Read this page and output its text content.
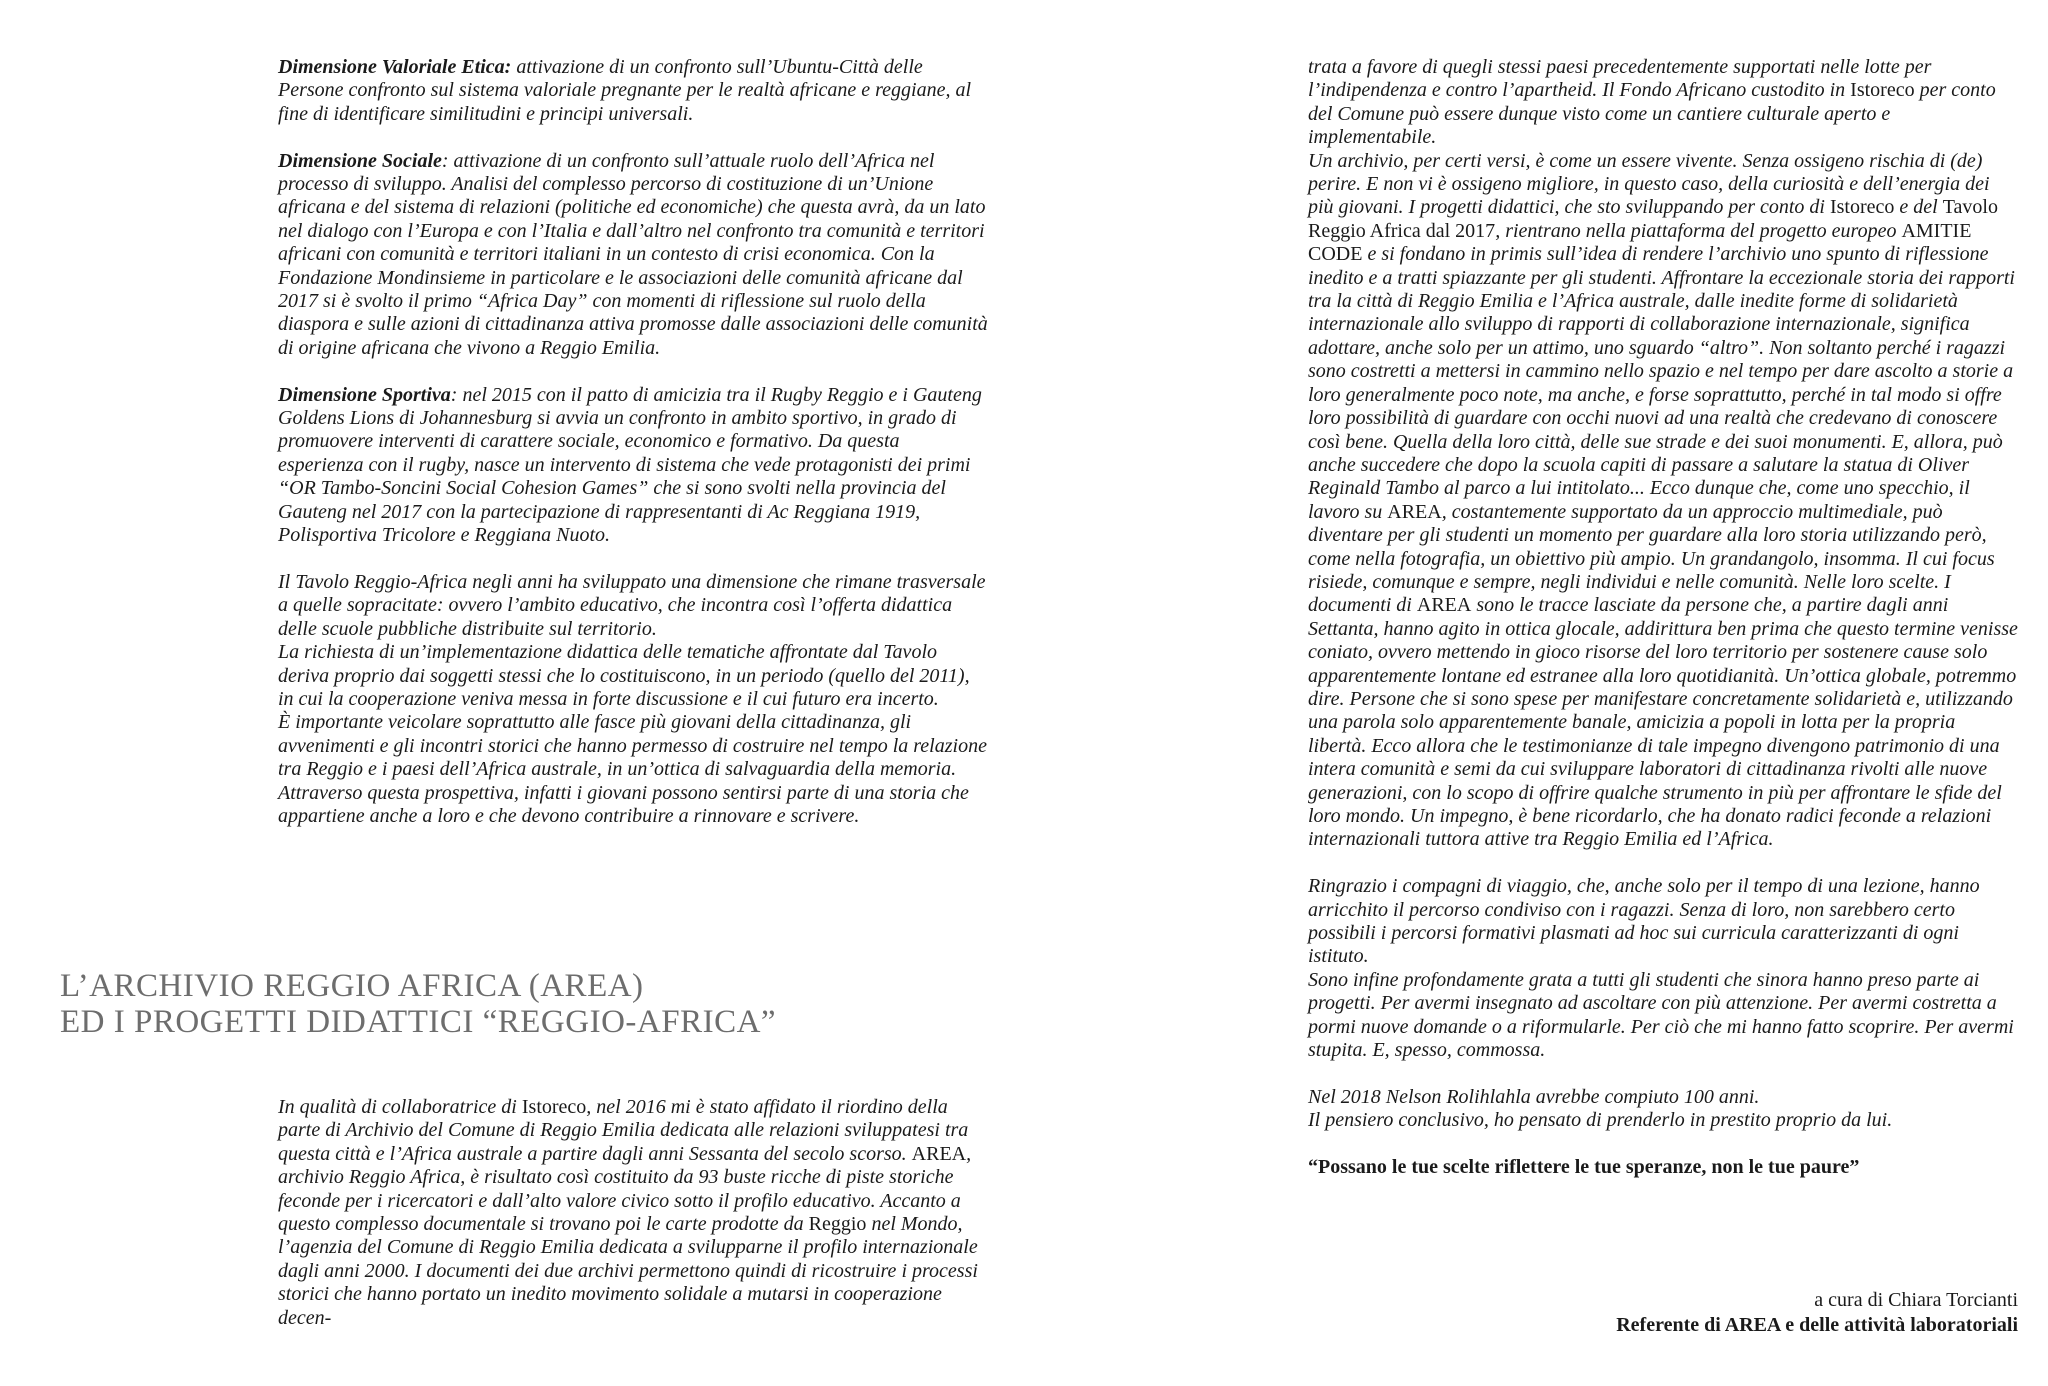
Dimensione Valoriale Etica: attivazione di un confronto sull’Ubuntu-Città delle Persone confronto sul sistema valoriale pregnante per le realtà africane e reggiane, al fine di identificare similitudini e principi universali.

Dimensione Sociale: attivazione di un confronto sull’attuale ruolo dell’Africa nel processo di sviluppo. Analisi del complesso percorso di costituzione di un’Unione africana e del sistema di relazioni (politiche ed economiche) che questa avrà, da un lato nel dialogo con l’Europa e con l’Italia e dall’altro nel confronto tra comunità e territori africani con comunità e territori italiani in un contesto di crisi economica. Con la Fondazione Mondinsieme in particolare e le associazioni delle comunità africane dal 2017 si è svolto il primo “Africa Day” con momenti di riflessione sul ruolo della diaspora e sulle azioni di cittadinanza attiva promosse dalle associazioni delle comunità di origine africana che vivono a Reggio Emilia.

Dimensione Sportiva: nel 2015 con il patto di amicizia tra il Rugby Reggio e i Gauteng Goldens Lions di Johannesburg si avvia un confronto in ambito sportivo, in grado di promuovere interventi di carattere sociale, economico e formativo. Da questa esperienza con il rugby, nasce un intervento di sistema che vede protagonisti dei primi “OR Tambo-Soncini Social Cohesion Games” che si sono svolti nella provincia del Gauteng nel 2017 con la partecipazione di rappresentanti di Ac Reggiana 1919, Polisportiva Tricolore e Reggiana Nuoto.

Il Tavolo Reggio-Africa negli anni ha sviluppato una dimensione che rimane trasversale a quelle sopracitate: ovvero l’ambito educativo, che incontra così l’offerta didattica delle scuole pubbliche distribuite sul territorio.

La richiesta di un’implementazione didattica delle tematiche affrontate dal Tavolo deriva proprio dai soggetti stessi che lo costituiscono, in un periodo (quello del 2011), in cui la cooperazione veniva messa in forte discussione e il cui futuro era incerto.

È importante veicolare soprattutto alle fasce più giovani della cittadinanza, gli avvenimenti e gli incontri storici che hanno permesso di costruire nel tempo la relazione tra Reggio e i paesi dell’Africa australe, in un’ottica di salvaguardia della memoria. Attraverso questa prospettiva, infatti i giovani possono sentirsi parte di una storia che appartiene anche a loro e che devono contribuire a rinnovare e scrivere.

L’ARCHIVIO REGGIO AFRICA (AREA)
ED I PROGETTI DIDATTICI “REGGIO-AFRICA”

In qualità di collaboratrice di Istoreco, nel 2016 mi è stato affidato il riordino della parte di Archivio del Comune di Reggio Emilia dedicata alle relazioni sviluppatesi tra questa città e l’Africa australe a partire dagli anni Sessanta del secolo scorso. AREA, archivio Reggio Africa, è risultato così costituito da 93 buste ricche di piste storiche feconde per i ricercatori e dall’alto valore civico sotto il profilo educativo. Accanto a questo complesso documentale si trovano poi le carte prodotte da Reggio nel Mondo, l’agenzia del Comune di Reggio Emilia dedicata a svilupparne il profilo internazionale dagli anni 2000. I documenti dei due archivi permettono quindi di ricostruire i processi storici che hanno portato un inedito movimento solidale a mutarsi in cooperazione decen-

trata a favore di quegli stessi paesi precedentemente supportati nelle lotte per l’indipendenza e contro l’apartheid. Il Fondo Africano custodito in Istoreco per conto del Comune può essere dunque visto come un cantiere culturale aperto e implementabile.

Un archivio, per certi versi, è come un essere vivente. Senza ossigeno rischia di (de) perire. E non vi è ossigeno migliore, in questo caso, della curiosità e dell’energia dei più giovani. I progetti didattici, che sto sviluppando per conto di Istoreco e del Tavolo Reggio Africa dal 2017, rientrano nella piattaforma del progetto europeo AMITIE CODE e si fondano in primis sull’idea di rendere l’archivio uno spunto di riflessione inedito e a tratti spiazzante per gli studenti. Affrontare la eccezionale storia dei rapporti tra la città di Reggio Emilia e l’Africa australe, dalle inedite forme di solidarietà internazionale allo sviluppo di rapporti di collaborazione internazionale, significa adottare, anche solo per un attimo, uno sguardo “altro”. Non soltanto perché i ragazzi sono costretti a mettersi in cammino nello spazio e nel tempo per dare ascolto a storie a loro generalmente poco note, ma anche, e forse soprattutto, perché in tal modo si offre loro possibilità di guardare con occhi nuovi ad una realtà che credevano di conoscere così bene. Quella della loro città, delle sue strade e dei suoi monumenti. E, allora, può anche succedere che dopo la scuola capiti di passare a salutare la statua di Oliver Reginald Tambo al parco a lui intitolato... Ecco dunque che, come uno specchio, il lavoro su AREA, costantemente supportato da un approccio multimediale, può diventare per gli studenti un momento per guardare alla loro storia utilizzando però, come nella fotografia, un obiettivo più ampio. Un grandangolo, insomma. Il cui focus risiede, comunque e sempre, negli individui e nelle comunità. Nelle loro scelte. I documenti di AREA sono le tracce lasciate da persone che, a partire dagli anni Settanta, hanno agito in ottica glocale, addirittura ben prima che questo termine venisse coniato, ovvero mettendo in gioco risorse del loro territorio per sostenere cause solo apparentemente lontane ed estranee alla loro quotidianità. Un’ottica globale, potremmo dire. Persone che si sono spese per manifestare concretamente solidarietà e, utilizzando una parola solo apparentemente banale, amicizia a popoli in lotta per la propria libertà. Ecco allora che le testimonianze di tale impegno divengono patrimonio di una intera comunità e semi da cui sviluppare laboratori di cittadinanza rivolti alle nuove generazioni, con lo scopo di offrire qualche strumento in più per affrontare le sfide del loro mondo. Un impegno, è bene ricordarlo, che ha donato radici feconde a relazioni internazionali tuttora attive tra Reggio Emilia ed l’Africa.

Ringrazio i compagni di viaggio, che, anche solo per il tempo di una lezione, hanno arricchito il percorso condiviso con i ragazzi. Senza di loro, non sarebbero certo possibili i percorsi formativi plasmati ad hoc sui curricula caratterizzanti di ogni istituto.

Sono infine profondamente grata a tutti gli studenti che sinora hanno preso parte ai progetti. Per avermi insegnato ad ascoltare con più attenzione. Per avermi costretta a pormi nuove domande o a riformularle. Per ciò che mi hanno fatto scoprire. Per avermi stupita. E, spesso, commossa.

Nel 2018 Nelson Rolihlahla avrebbe compiuto 100 anni.

Il pensiero conclusivo, ho pensato di prenderlo in prestito proprio da lui.

“Possano le tue scelte riflettere le tue speranze, non le tue paure”

a cura di Chiara Torcianti
Referente di AREA e delle attività laboratoriali
